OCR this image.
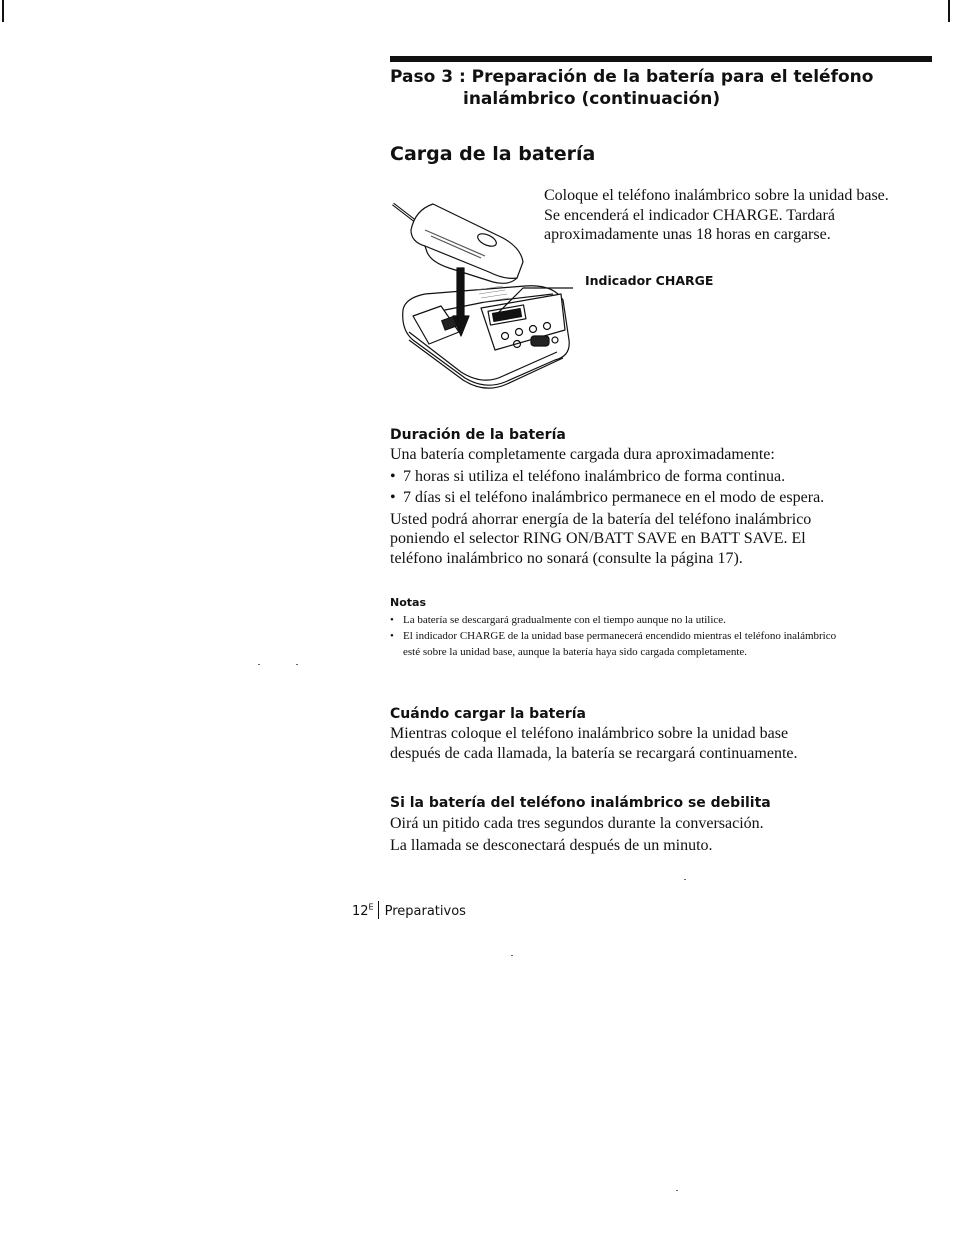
Paso 3 : Preparación de la batería para el teléfono
inalámbrico (continuación)
Carga de la batería

Coloque el teléfono inalámbrico sobre la unidad base.
Se encenderá el indicador CHARGE. Tardará
aproximadamente unas 18 horas en cargarse.

Indicador CHARGE
Duración de la batería

Una batería completamente cargada dura aproximadamente:

• 7 horas si utiliza el teléfono inalámbrico de forma continua.
• 7 días si el teléfono inalámbrico permanece en el modo de espera.

Usted podrá ahorrar energía de la batería del teléfono inalámbrico
poniendo el selector RING ON/BATT SAVE en BATT SAVE. El
teléfono inalámbrico no sonará (consulte la página 17).

Notas
• La batería se descargará gradualmente con el tiempo aunque no la utilice.
• El indicador CHARGE de la unidad base permanecerá encendido mientras el teléfono inalámbrico esté sobre la unidad base, aunque la batería haya sido cargada completamente.
Cuándo cargar la batería

Mientras coloque el teléfono inalámbrico sobre la unidad base
después de cada llamada, la batería se recargará continuamente.

Si la batería del teléfono inalámbrico se debilita

Oirá un pitido cada tres segundos durante la conversación.
La llamada se desconectará después de un minuto.

$12^E$ Preparativos
